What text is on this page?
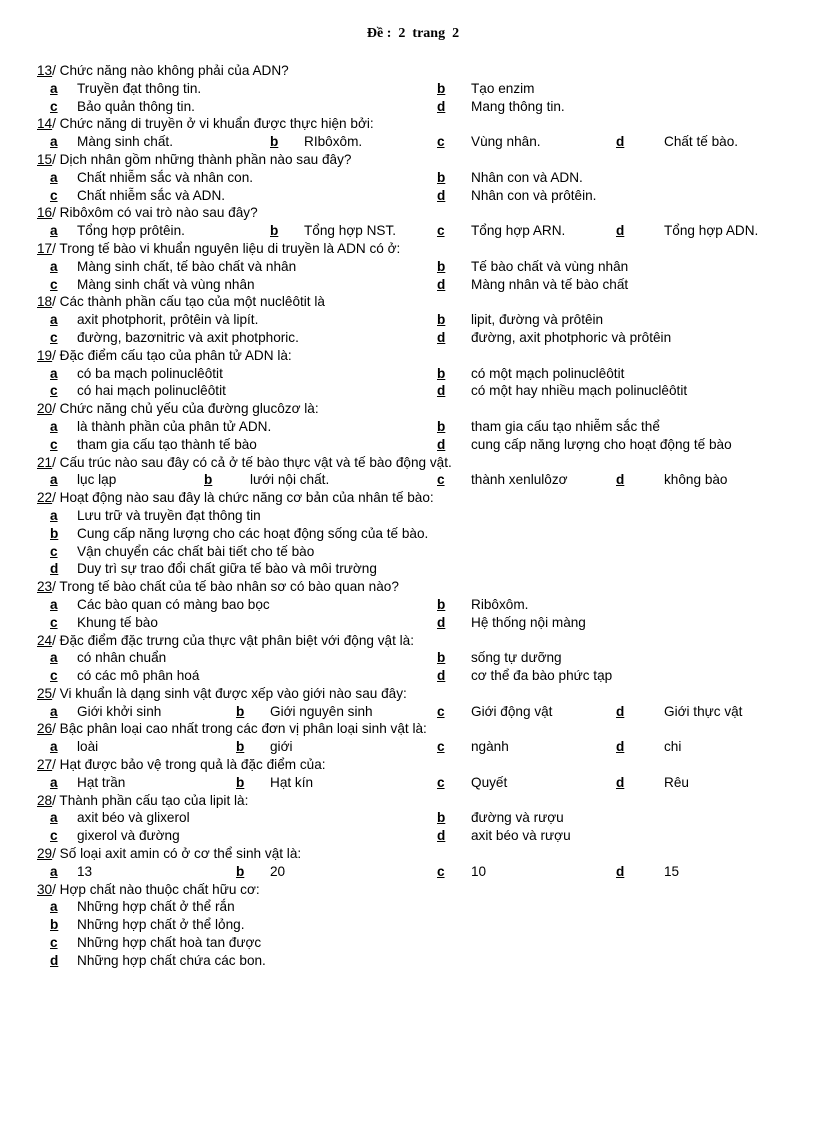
Đề :  2  trang  2
13/ Chức năng nào không phải của ADN?
a Truyền đạt thông tin.	b Tạo enzim
c Bảo quản thông tin.	d Mang thông tin.
14/ Chức năng di truyền ở vi khuẩn được thực hiện bởi:
a Màng sinh chất.	b RIbôxôm.	c Vùng nhân.	d	Chất tế bào.
15/ Dịch nhân gồm những thành phần nào sau đây?
a Chất nhiễm sắc và nhân con.	b Nhân con và ADN.
c Chất nhiễm sắc và ADN.	d Nhân con và prôtêin.
16/ Ribôxôm có vai trò nào sau đây?
a Tổng hợp prôtêin.	b Tổng hợp NST.	c Tổng hợp ARN.	d	Tổng hợp ADN.
17/ Trong tế bào vi khuẩn nguyên liệu di truyền là ADN có ở:
a Màng sinh chất, tế bào chất và nhân	b Tế bào chất và vùng nhân
c Màng sinh chất và vùng nhân	d Màng nhân và tế bào chất
18/ Các thành phần cấu tạo của một nuclêôtit là
a axit photphorit, prôtêin và lipít.	b lipit, đường và prôtêin
c đường, bazơnitric và axit photphoric.	d đường, axit photphoric và prôtêin
19/ Đặc điểm cấu tạo của phân tử ADN là:
a có ba mạch polinuclêôtit	b có một mạch polinuclêôtit
c có hai mạch polinuclêôtit	d có một hay nhiều mạch polinuclêôtit
20/ Chức năng chủ yếu của đường glucôzơ là:
a là thành phần của phân tử ADN.	b tham gia cấu tạo nhiễm sắc thể
c tham gia cấu tạo thành tế bào	d cung cấp năng lượng cho hoạt động tế bào
21/ Cấu trúc nào sau đây có cả ở tế bào thực vật và tế bào động vật.
a lục lạp	b	lưới nội chất.	c thành xenlulôzơ	d	không bào
22/ Hoạt động nào sau đây là chức năng cơ bản của nhân tế bào:
a Lưu trữ và truyền đạt thông tin
b Cung cấp năng lượng cho các hoạt động sống của tế bào.
c Vận chuyển các chất bài tiết cho tế bào
d Duy trì sự trao đổi chất giữa tế bào và môi trường
23/ Trong tế bào chất của tế bào nhân sơ có bào quan nào?
a Các bào quan có màng bao bọc	b Ribôxôm.
c Khung tế bào	d Hệ thống nội màng
24/ Đặc điểm đặc trưng của thực vật phân biệt với động vật là:
a có nhân chuẩn	b sống tự dưỡng
c có các mô phân hoá	d cơ thể đa bào phức tạp
25/ Vi khuẩn là dạng sinh vật được xếp vào giới nào sau đây:
a Giới khởi sinh	b Giới nguyên sinh	c Giới động vật	d	Giới thực vật
26/ Bậc phân loại cao nhất trong các đơn vị phân loại sinh vật là:
a loài	b giới	c ngành	d	chi
27/ Hạt được bảo vệ trong quả là đặc điểm của:
a Hạt trần	b Hạt kín	c Quyết	d	Rêu
28/ Thành phần cấu tạo của lipit là:
a axit béo và glixerol	b đường và rượu
c gixerol và đường	d axit béo và rượu
29/ Số loại axit amin có ở cơ thể sinh vật là:
a 13	b 20	c 10	d	15
30/ Hợp chất nào thuộc chất hữu cơ:
a Những hợp chất ở thể rắn
b Những hợp chất ở thể lỏng.
c Những hợp chất hoà tan được
d Những hợp chất chứa các bon.
